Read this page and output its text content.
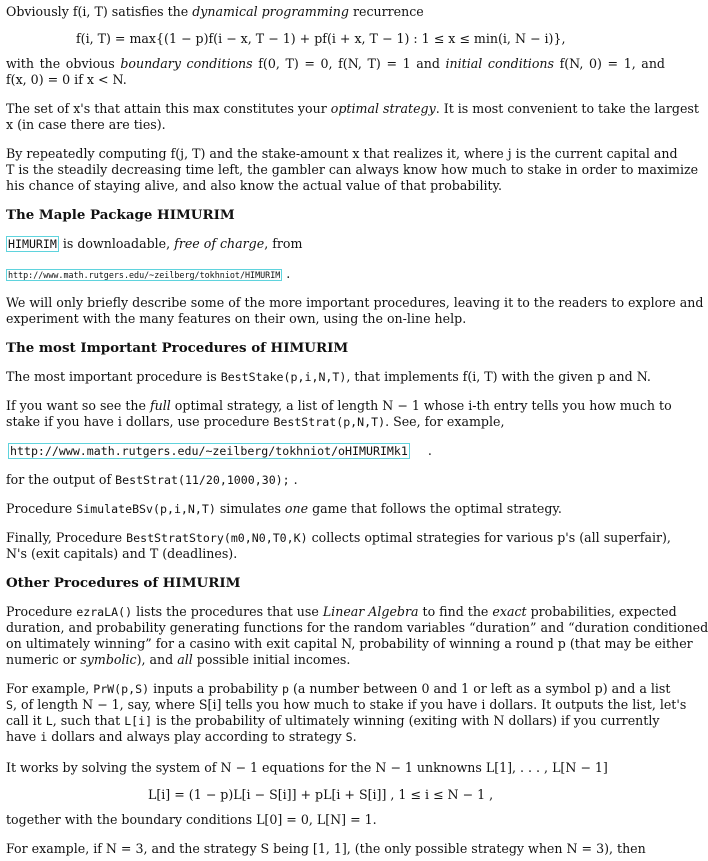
Obviously f(i, T) satisfies the dynamical programming recurrence
f(i, T) = max{(1 − p)f(i − x, T − 1) + pf(i + x, T − 1) : 1 ≤ x ≤ min(i, N − i)},
with the obvious boundary conditions f(0, T) = 0, f(N, T) = 1 and initial conditions f(N, 0) = 1, and
f(x, 0) = 0 if x < N.
The set of x's that attain this max constitutes your optimal strategy. It is most convenient to take the largest
x (in case there are ties).
By repeatedly computing f(j, T) and the stake-amount x that realizes it, where j is the current capital and
T is the steadily decreasing time left, the gambler can always know how much to stake in order to maximize
his chance of staying alive, and also know the actual value of that probability.
The Maple Package HIMURIM
HIMURIM is downloadable, free of charge, from
http://www.math.rutgers.edu/~zeilberg/tokhniot/HIMURIM .
We will only briefly describe some of the more important procedures, leaving it to the readers to explore and
experiment with the many features on their own, using the on-line help.
The most Important Procedures of HIMURIM
The most important procedure is BestStake(p,i,N,T), that implements f(i, T) with the given p and N.
If you want so see the full optimal strategy, a list of length N − 1 whose i-th entry tells you how much to
stake if you have i dollars, use procedure BestStrat(p,N,T). See, for example,
http://www.math.rutgers.edu/~zeilberg/tokhniot/oHIMURIMk1 .
for the output of BestStrat(11/20,1000,30); .
Procedure SimulateBSv(p,i,N,T) simulates one game that follows the optimal strategy.
Finally, Procedure BestStratStory(m0,N0,T0,K) collects optimal strategies for various p's (all superfair),
N's (exit capitals) and T (deadlines).
Other Procedures of HIMURIM
Procedure ezraLA() lists the procedures that use Linear Algebra to find the exact probabilities, expected
duration, and probability generating functions for the random variables “duration” and “duration conditioned
on ultimately winning” for a casino with exit capital N, probability of winning a round p (that may be either
numeric or symbolic), and all possible initial incomes.
For example, PrW(p,S) inputs a probability p (a number between 0 and 1 or left as a symbol p) and a list
S, of length N − 1, say, where S[i] tells you how much to stake if you have i dollars. It outputs the list, let's
call it L, such that L[i] is the probability of ultimately winning (exiting with N dollars) if you currently
have i dollars and always play according to strategy S.
It works by solving the system of N − 1 equations for the N − 1 unknowns L[1], . . . , L[N − 1]
L[i] = (1 − p)L[i − S[i]] + pL[i + S[i]] , 1 ≤ i ≤ N − 1 ,
together with the boundary conditions L[0] = 0, L[N] = 1.
For example, if N = 3, and the strategy S being [1, 1], (the only possible strategy when N = 3), then
